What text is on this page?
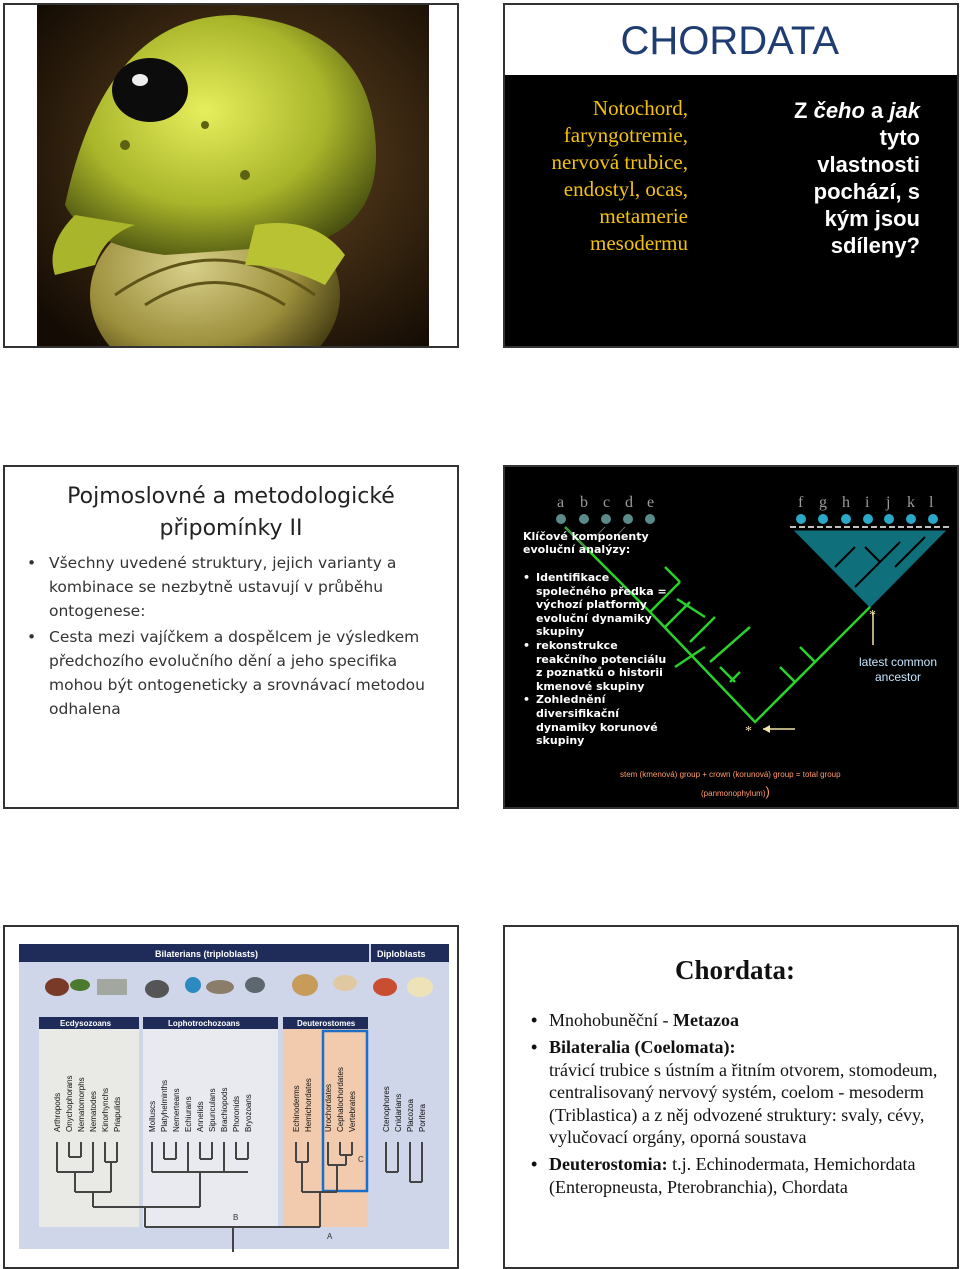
CHORDATA
Notochord,
faryngotremie,
nervová trubice,
endostyl, ocas,
metamerie
mesodermu
Z čeho a jak
tyto
vlastnosti
pochází, s
kým jsou
sdíleny?
Pojmoslovné a metodologické
připomínky II
• Všechny uvedené struktury, jejich varianty a kombinace se nezbytně ustavují v průběhu ontogenese:
• Cesta mezi vajíčkem a dospělcem je výsledkem předchozího evolučního dění a jeho specifika mohou být ontogeneticky a srovnávací metodou odhalena
a b c d e	f g h i j k l
*
*
Klíčové komponenty
evoluční analýzy:
• Identifikace společného předka = výchozí platformy evoluční dynamiky skupiny
• rekonstrukce reakčního potenciálu z poznatků o historii kmenové skupiny
• Zohlednění diversifikační dynamiky korunové skupiny
latest common
ancestor
stem (kmenová) group + crown (korunová) group = total group
(panmonophylum))
Bilaterians (triploblasts)	Diploblasts
Ecdysozoans	Lophotrochozoans	Deuterostomes
Arthropods Onychophorans Nematomorphs Nematodes Kinorhynchs Priapulids	Molluscs Platyhelminths Nemerteans Echiurans Annelids Sipunculans Brachiopods Phoronids Bryozoans	Echinoderms Hemichordates Urochordates Cephalochordates Vertebrates	Ctenophores Cnidarians Placozoa Porifera
C
B
A
Chordata:
• Mnohobuněční - Metazoa
• Bilateralia (Coelomata):
trávicí trubice s ústním a řitním otvorem, stomodeum, centralisovaný nervový systém, coelom - mesoderm (Triblastica) a z něj odvozené struktury: svaly, cévy, vylučovací orgány, oporná soustava
• Deuterostomia: t.j. Echinodermata, Hemichordata (Enteropneusta, Pterobranchia), Chordata
